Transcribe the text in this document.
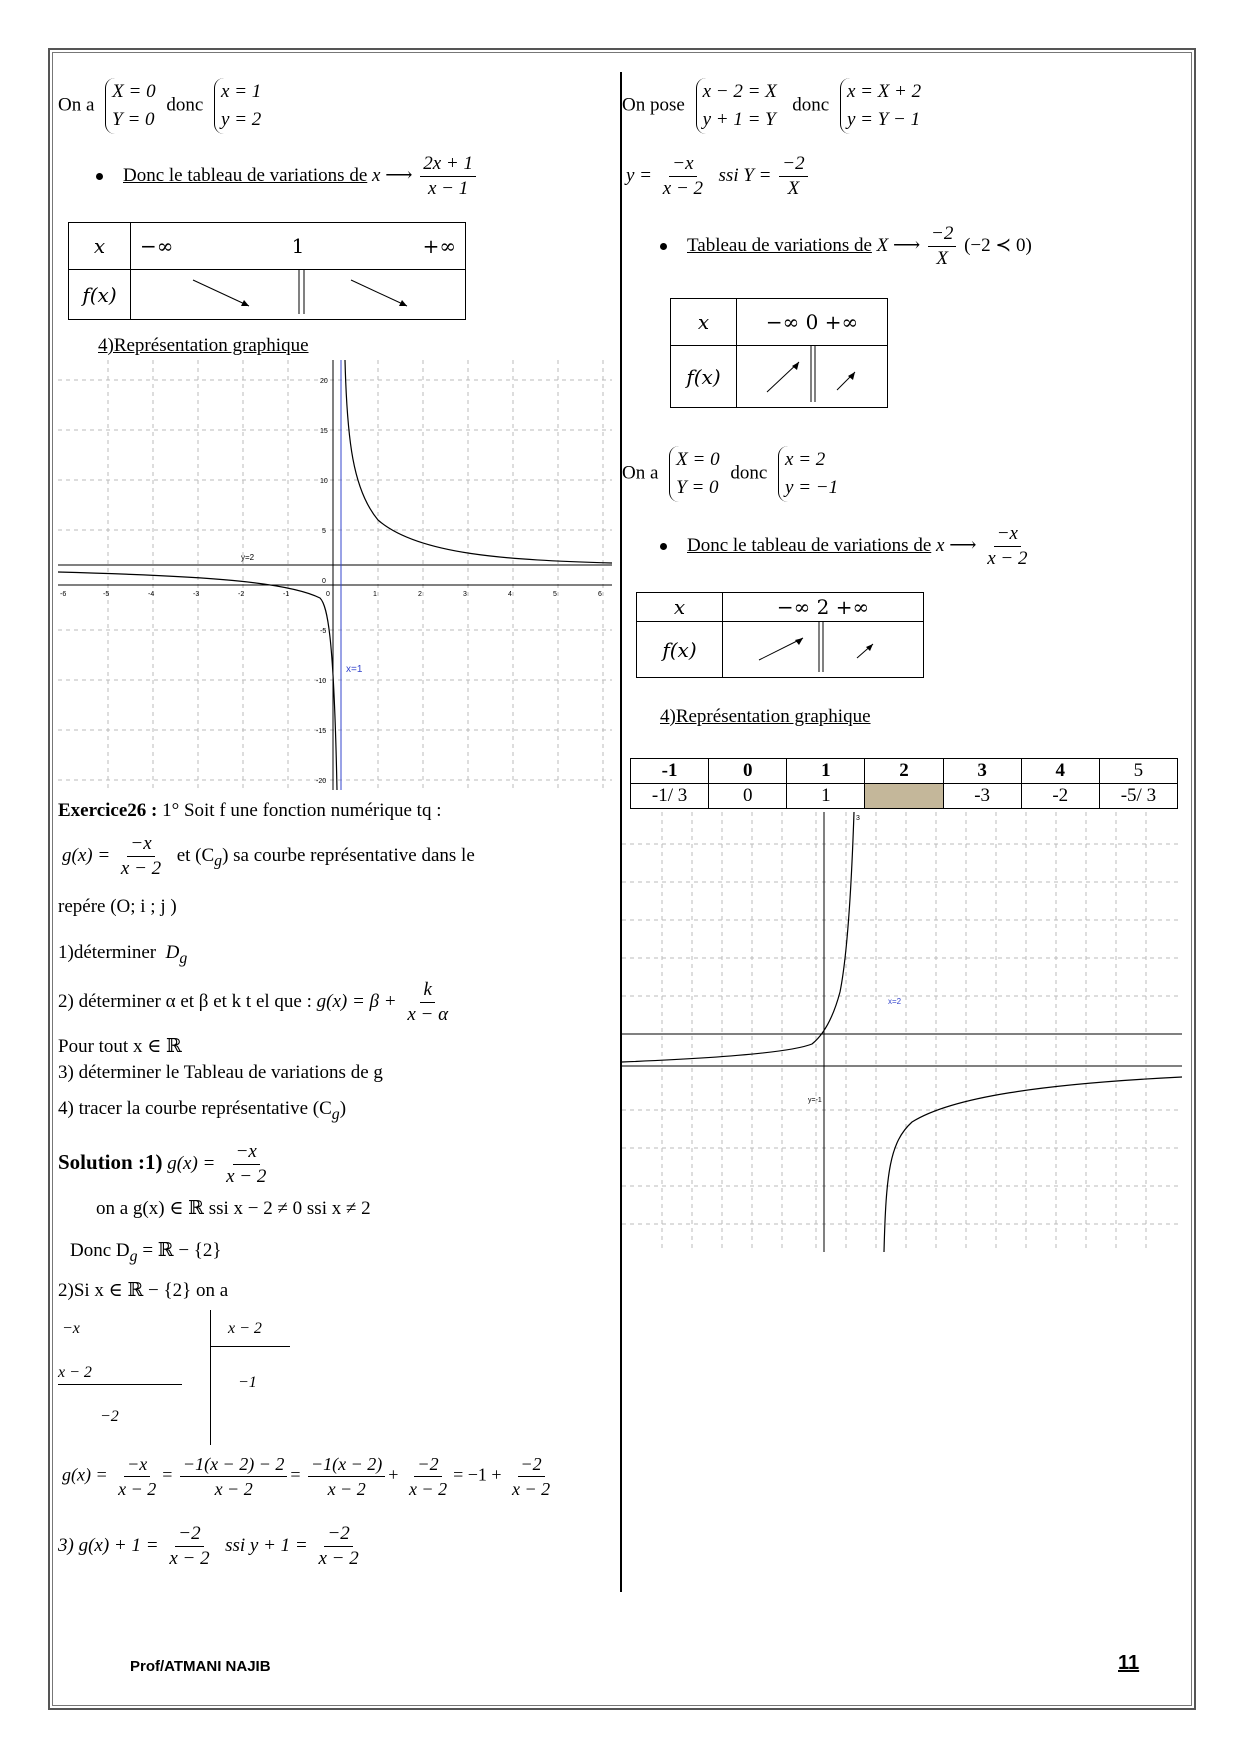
On a
X = 0
Y = 0
donc
x = 1
y = 2
Donc le tableau de variations de x ⟶ $\frac{2x + 1}{x - 1}$
x	−∞ 1 +∞

f(x)	
4)Représentation graphique
y=2
x=1
-6	-5	-4	-3	-2	-1	0	1	2	3	4	5	6
20
15
10
5
0
-5
-10
-15
-20
Exercice26 : 1° Soit f une fonction numérique tq :
$g(x) = \frac{-x}{x - 2}$ et $(C_g)$ sa courbe représentative dans le
repére (O; i ; j )
1)déterminer $D_g$
2) déterminer α et β et k t el que : $g(x) = \beta + \frac{k}{x - \alpha}$
Pour tout x ∈ ℝ
3) déterminer le Tableau de variations de g
4) tracer la courbe représentative $(C_g)$
Solution :1) $g(x) = \frac{-x}{x - 2}$
on a g(x) ∈ ℝ ssi x − 2 ≠ 0 ssi x ≠ 2
Donc $D_g$ = ℝ − {2}
2)Si x ∈ ℝ − {2} on a
−x
x − 2
−2
x − 2
−1
$g(x) = \frac{-x}{x - 2} = \frac{-1(x - 2) - 2}{x - 2} = \frac{-1(x - 2)}{x - 2} + \frac{-2}{x - 2} = -1 + \frac{-2}{x - 2}$
3) $g(x) + 1 = \frac{-2}{x - 2}$ ssi $y + 1 = \frac{-2}{x - 2}$
On pose
x − 2 = X
y + 1 = Y
donc
x = X + 2
y = Y − 1
$y = \frac{-x}{x - 2}$ ssi $Y = \frac{-2}{X}$
Tableau de variations de X ⟶ $\frac{-2}{X} (-2$ ≺ 0)
x	−∞ 0 +∞
f(x)	
On a
X = 0
Y = 0
donc
x = 2
y = −1
Donc le tableau de variations de x ⟶ $\frac{-x}{x - 2}$
x	−∞ 2 +∞
f(x)	
4)Représentation graphique
-1	0	1	2	3	4	5
-1/ 3	0	1		-3	-2	-5/ 3
x=2
y=-1
3
Prof/ATMANI NAJIB	11
